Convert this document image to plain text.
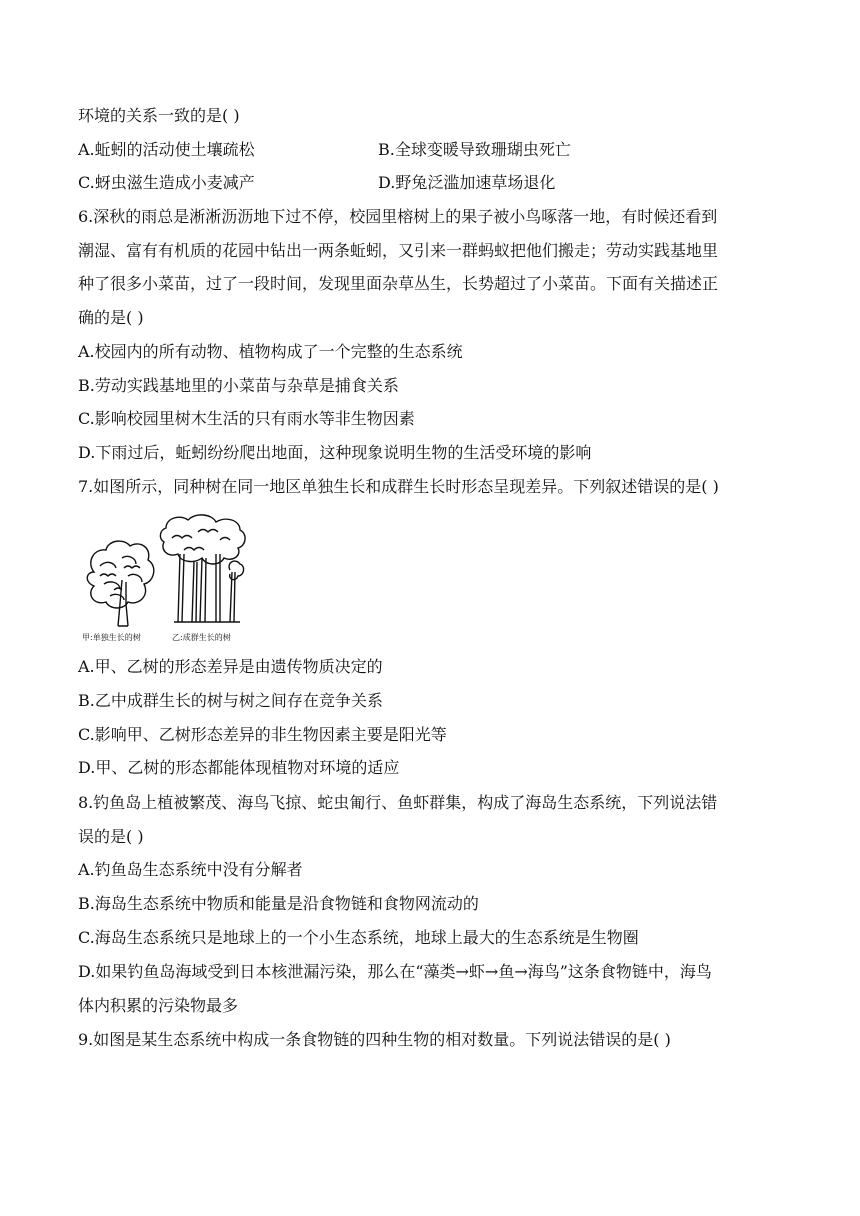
环境的关系一致的是( )
A.蚯蚓的活动使土壤疏松	B.全球变暖导致珊瑚虫死亡
C.蚜虫滋生造成小麦减产	D.野兔泛滥加速草场退化
6.深秋的雨总是淅淅沥沥地下过不停，校园里榕树上的果子被小鸟啄落一地，有时候还看到
潮湿、富有有机质的花园中钻出一两条蚯蚓，又引来一群蚂蚁把他们搬走；劳动实践基地里
种了很多小菜苗，过了一段时间，发现里面杂草丛生，长势超过了小菜苗。下面有关描述正
确的是( )
A.校园内的所有动物、植物构成了一个完整的生态系统
B.劳动实践基地里的小菜苗与杂草是捕食关系
C.影响校园里树木生活的只有雨水等非生物因素
D.下雨过后，蚯蚓纷纷爬出地面，这种现象说明生物的生活受环境的影响
7.如图所示，同种树在同一地区单独生长和成群生长时形态呈现差异。下列叙述错误的是( )
甲:单独生长的树	乙:成群生长的树
A.甲、乙树的形态差异是由遗传物质决定的
B.乙中成群生长的树与树之间存在竞争关系
C.影响甲、乙树形态差异的非生物因素主要是阳光等
D.甲、乙树的形态都能体现植物对环境的适应
8.钓鱼岛上植被繁茂、海鸟飞掠、蛇虫匍行、鱼虾群集，构成了海岛生态系统，下列说法错
误的是( )
A.钓鱼岛生态系统中没有分解者
B.海岛生态系统中物质和能量是沿食物链和食物网流动的
C.海岛生态系统只是地球上的一个小生态系统，地球上最大的生态系统是生物圈
D.如果钓鱼岛海域受到日本核泄漏污染，那么在“藻类→虾→鱼→海鸟”这条食物链中，海鸟
体内积累的污染物最多
9.如图是某生态系统中构成一条食物链的四种生物的相对数量。下列说法错误的是( )
